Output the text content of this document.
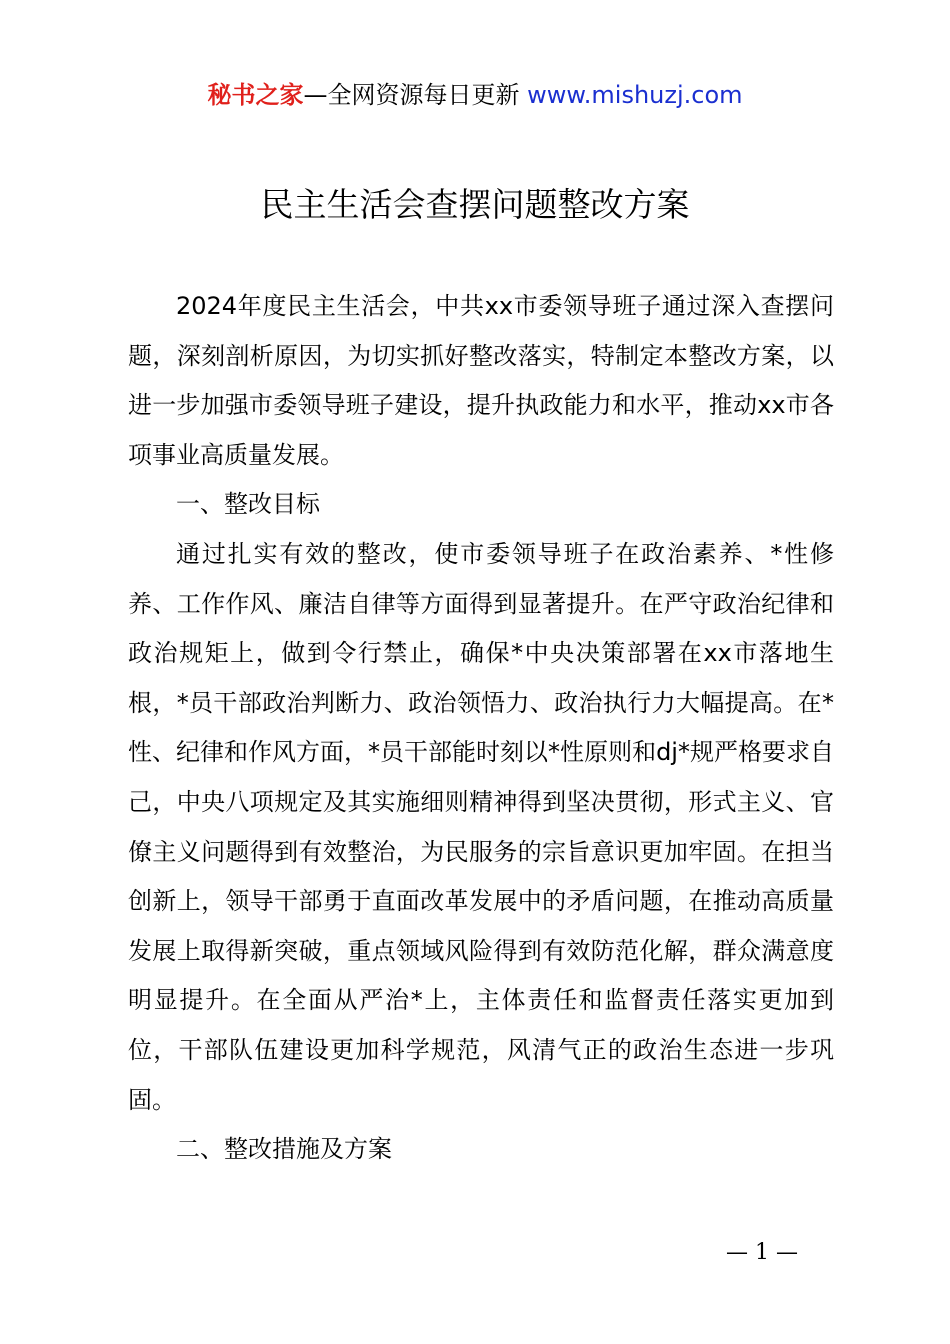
秘书之家—全网资源每日更新 www.mishuzj.com
民主生活会查摆问题整改方案

2024年度民主生活会，中共xx市委领导班子通过深入查摆问题，深刻剖析原因，为切实抓好整改落实，特制定本整改方案，以进一步加强市委领导班子建设，提升执政能力和水平，推动xx市各项事业高质量发展。

一、整改目标

通过扎实有效的整改，使市委领导班子在政治素养、*性修养、工作作风、廉洁自律等方面得到显著提升。在严守政治纪律和政治规矩上，做到令行禁止，确保*中央决策部署在xx市落地生根，*员干部政治判断力、政治领悟力、政治执行力大幅提高。在*性、纪律和作风方面，*员干部能时刻以*性原则和dj*规严格要求自己，中央八项规定及其实施细则精神得到坚决贯彻，形式主义、官僚主义问题得到有效整治，为民服务的宗旨意识更加牢固。在担当创新上，领导干部勇于直面改革发展中的矛盾问题，在推动高质量发展上取得新突破，重点领域风险得到有效防范化解，群众满意度明显提升。在全面从严治*上，主体责任和监督责任落实更加到位，干部队伍建设更加科学规范，风清气正的政治生态进一步巩固。

二、整改措施及方案

— 1 —
